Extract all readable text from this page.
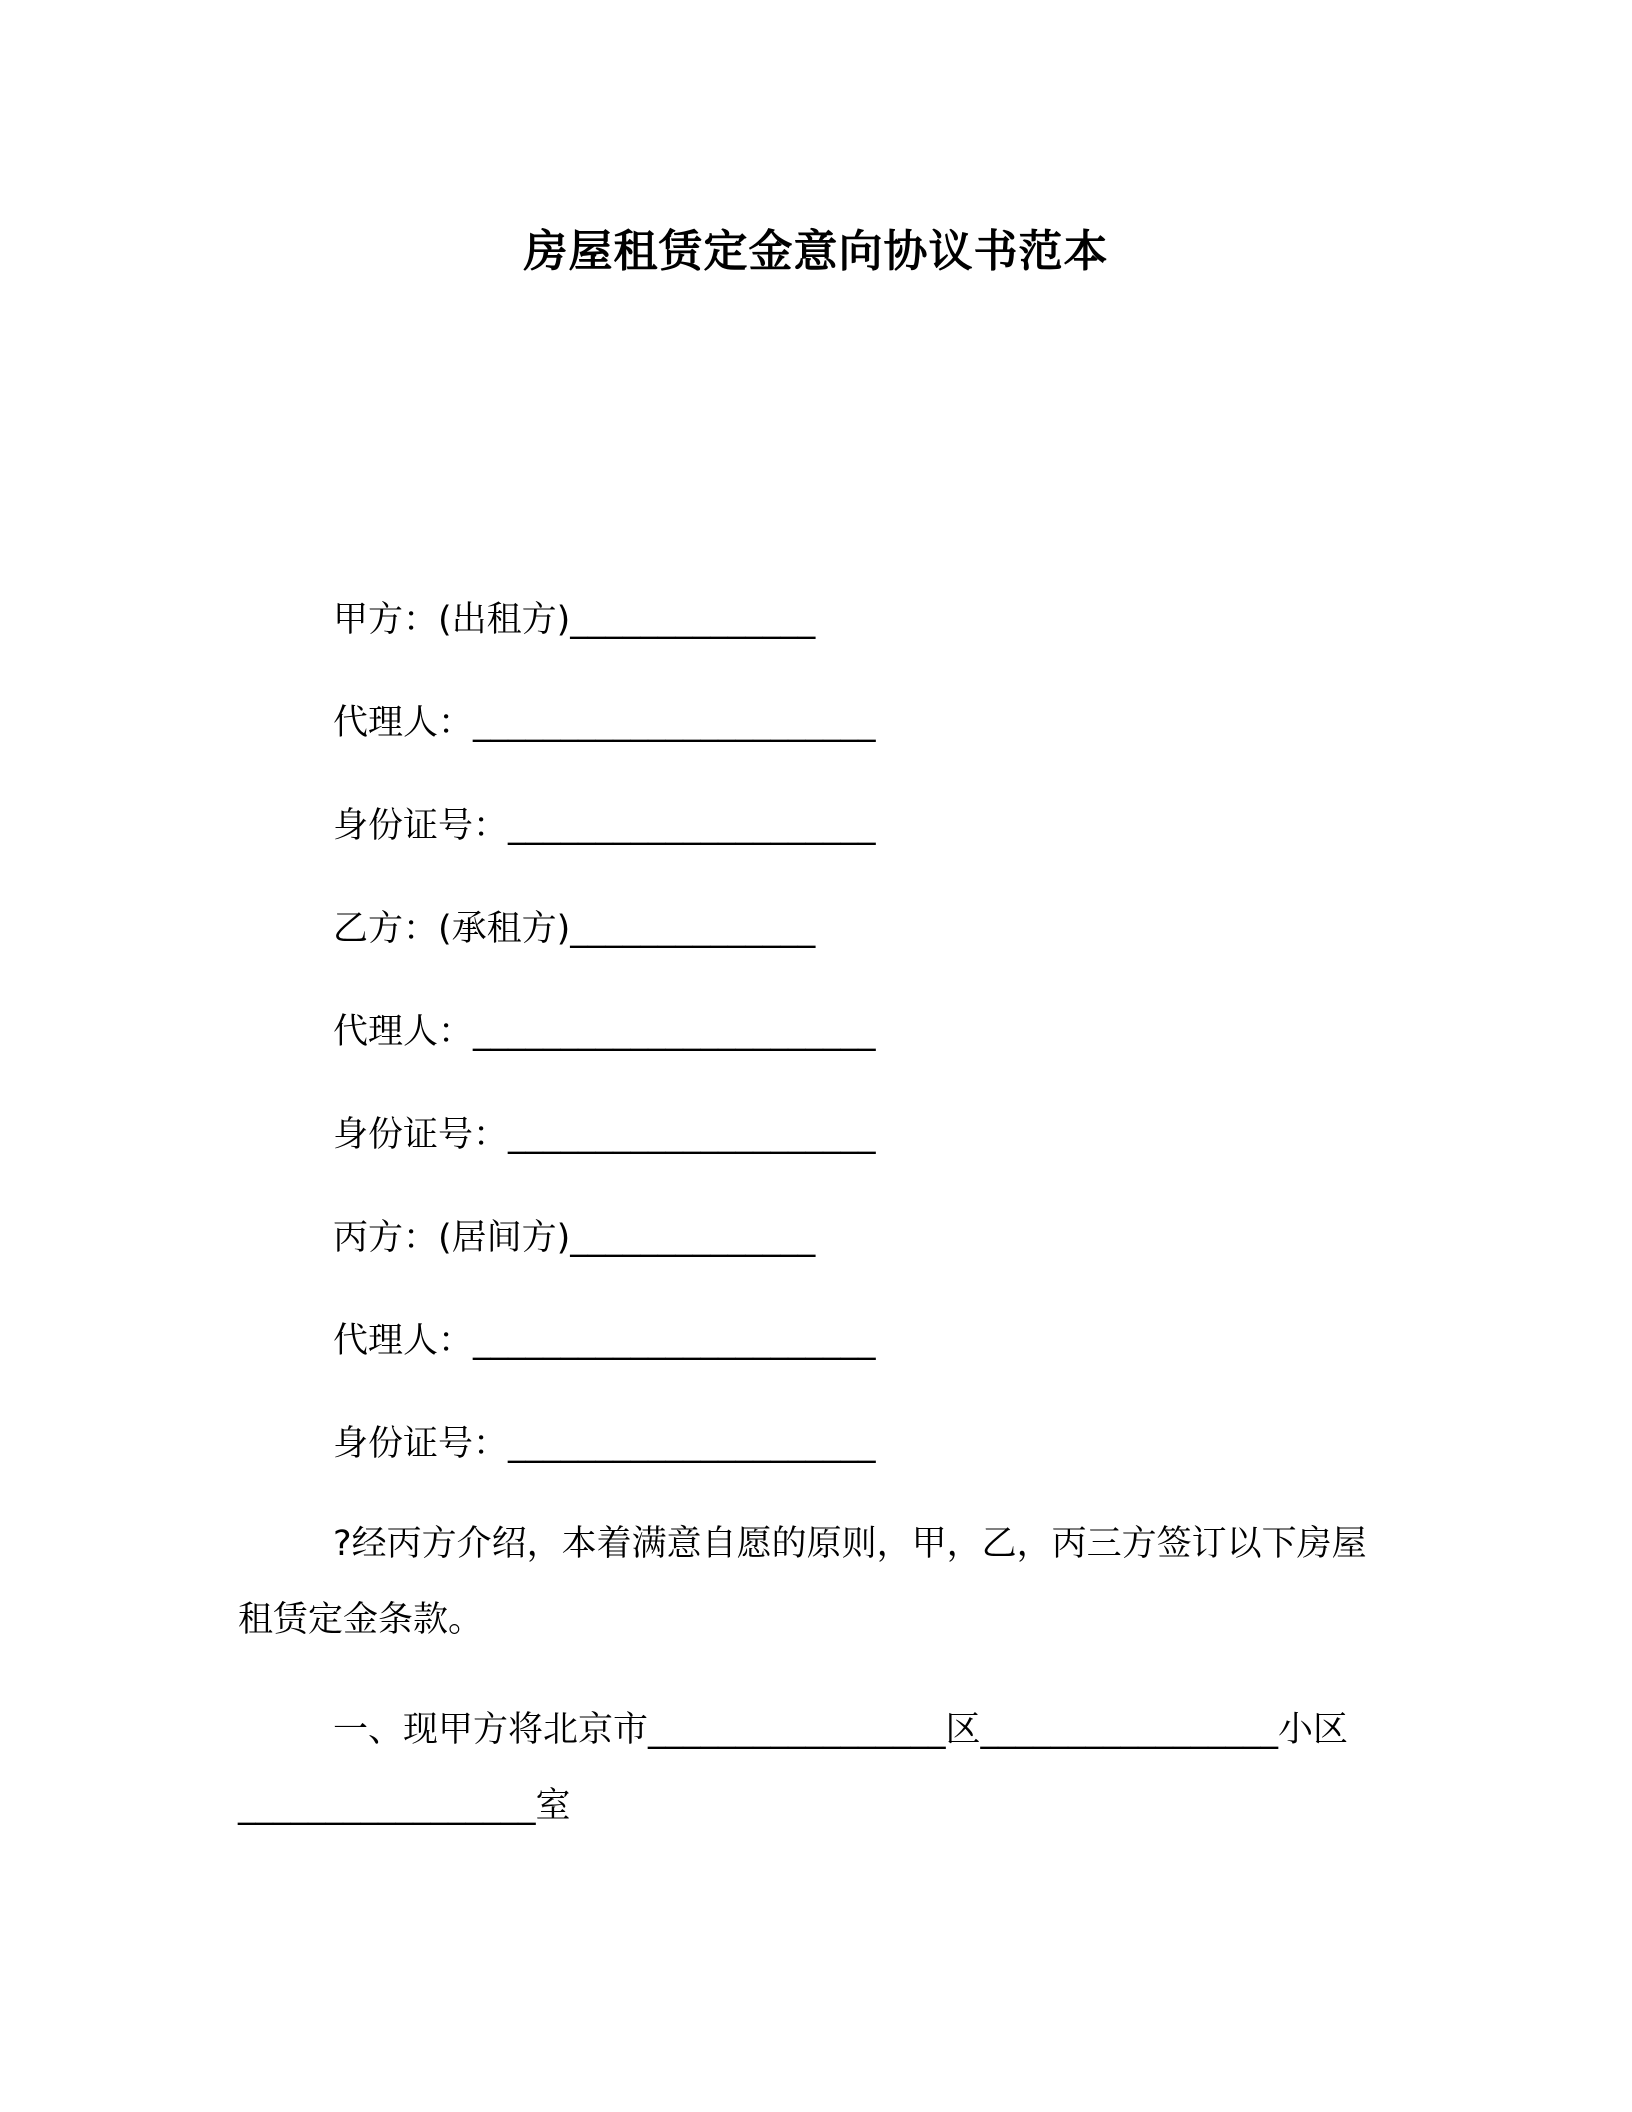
房屋租赁定金意向协议书范本
甲方：(出租方)______________
代理人：_______________________
身份证号：_____________________
乙方：(承租方)______________
代理人：_______________________
身份证号：_____________________
丙方：(居间方)______________
代理人：_______________________
身份证号：_____________________
?经丙方介绍，本着满意自愿的原则，甲，乙，丙三方签订以下房屋租赁定金条款。
一、现甲方将北京市_________________区_________________小区_________________室
